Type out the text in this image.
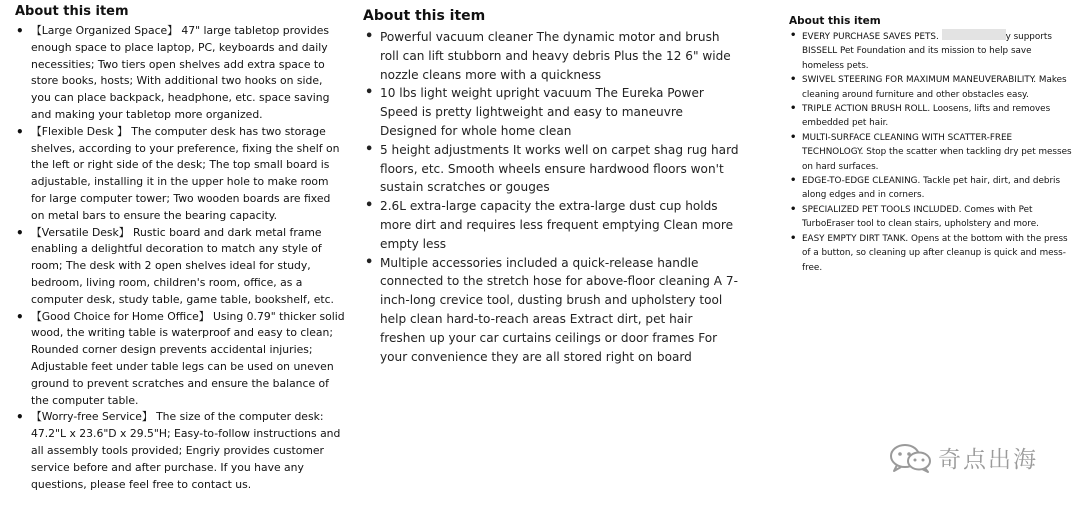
About this item
• 【Large Organized Space】 47" large tabletop provides enough space to place laptop, PC, keyboards and daily necessities; Two tiers open shelves add extra space to store books, hosts; With additional two hooks on side, you can place backpack, headphone, etc. space saving and making your tabletop more organized.
• 【Flexible Desk 】 The computer desk has two storage shelves, according to your preference, fixing the shelf on the left or right side of the desk; The top small board is adjustable, installing it in the upper hole to make room for large computer tower; Two wooden boards are fixed on metal bars to ensure the bearing capacity.
• 【Versatile Desk】 Rustic board and dark metal frame enabling a delightful decoration to match any style of room; The desk with 2 open shelves ideal for study, bedroom, living room, children's room, office, as a computer desk, study table, game table, bookshelf, etc.
• 【Good Choice for Home Office】 Using 0.79" thicker solid wood, the writing table is waterproof and easy to clean; Rounded corner design prevents accidental injuries; Adjustable feet under table legs can be used on uneven ground to prevent scratches and ensure the balance of the computer table.
• 【Worry-free Service】 The size of the computer desk: 47.2"L x 23.6"D x 29.5"H; Easy-to-follow instructions and all assembly tools provided; Engriy provides customer service before and after purchase. If you have any questions, please feel free to contact us.
About this item
• Powerful vacuum cleaner The dynamic motor and brush roll can lift stubborn and heavy debris Plus the 12 6" wide nozzle cleans more with a quickness
• 10 lbs light weight upright vacuum The Eureka Power Speed is pretty lightweight and easy to maneuvre Designed for whole home clean
• 5 height adjustments It works well on carpet shag rug hard floors, etc. Smooth wheels ensure hardwood floors won't sustain scratches or gouges
• 2.6L extra-large capacity the extra-large dust cup holds more dirt and requires less frequent emptying Clean more empty less
• Multiple accessories included a quick-release handle connected to the stretch hose for above-floor cleaning A 7-inch-long crevice tool, dusting brush and upholstery tool help clean hard-to-reach areas Extract dirt, pet hair freshen up your car curtains ceilings or door frames For your convenience they are all stored right on board
About this item
• EVERY PURCHASE SAVES PETS.	y supports BISSELL Pet Foundation and its mission to help save homeless pets.
• SWIVEL STEERING FOR MAXIMUM MANEUVERABILITY. Makes cleaning around furniture and other obstacles easy.
• TRIPLE ACTION BRUSH ROLL. Loosens, lifts and removes embedded pet hair.
• MULTI-SURFACE CLEANING WITH SCATTER-FREE TECHNOLOGY. Stop the scatter when tackling dry pet messes on hard surfaces.
• EDGE-TO-EDGE CLEANING. Tackle pet hair, dirt, and debris along edges and in corners.
• SPECIALIZED PET TOOLS INCLUDED. Comes with Pet TurboEraser tool to clean stairs, upholstery and more.
• EASY EMPTY DIRT TANK. Opens at the bottom with the press of a button, so cleaning up after cleanup is quick and mess-free.
奇点出海
